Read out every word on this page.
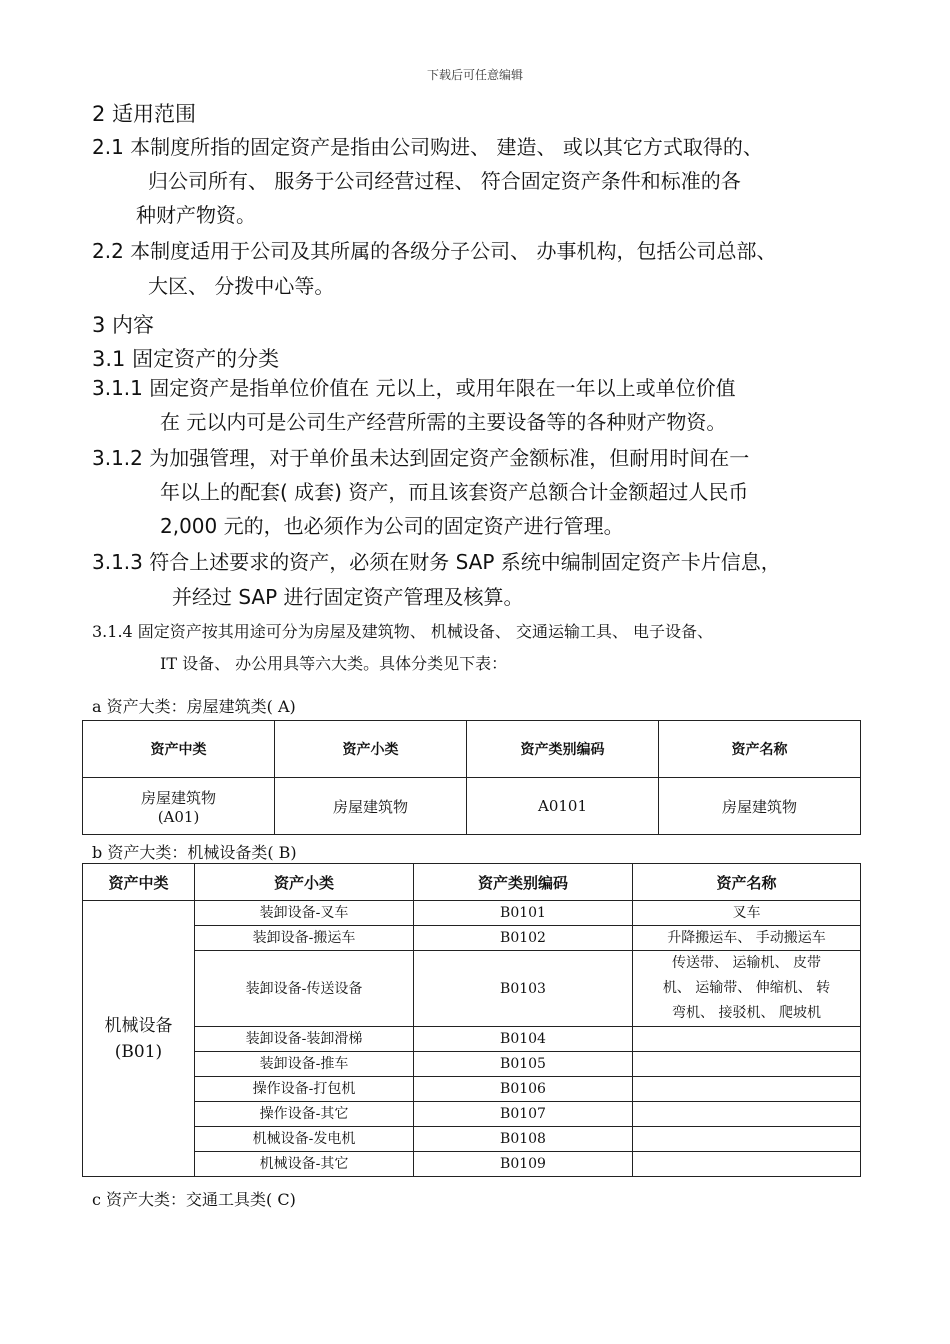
下载后可任意编辑
2 适用范围
2.1 本制度所指的固定资产是指由公司购进、 建造、 或以其它方式取得的、
归公司所有、 服务于公司经营过程、 符合固定资产条件和标准的各
种财产物资。
2.2 本制度适用于公司及其所属的各级分子公司、 办事机构，包括公司总部、
大区、 分拨中心等。
3 内容
3.1 固定资产的分类
3.1.1 固定资产是指单位价值在 元以上，或用年限在一年以上或单位价值
在 元以内可是公司生产经营所需的主要设备等的各种财产物资。
3.1.2 为加强管理，对于单价虽未达到固定资产金额标准，但耐用时间在一
年以上的配套( 成套) 资产，而且该套资产总额合计金额超过人民币
2,000 元的，也必须作为公司的固定资产进行管理。
3.1.3 符合上述要求的资产，必须在财务 SAP 系统中编制固定资产卡片信息，
并经过 SAP 进行固定资产管理及核算。
3.1.4 固定资产按其用途可分为房屋及建筑物、 机械设备、 交通运输工具、 电子设备、
IT 设备、 办公用具等六大类。具体分类见下表：
a 资产大类：房屋建筑类( A)
资产中类	资产小类	资产类别编码	资产名称

房屋建筑物
(A01)	房屋建筑物	A0101	房屋建筑物
b 资产大类：机械设备类( B)
资产中类	资产小类	资产类别编码	资产名称

机械设备
(B01)	装卸设备-叉车	B0101	叉车
	装卸设备-搬运车	B0102	升降搬运车、 手动搬运车
	装卸设备-传送设备	B0103	传送带、 运输机、 皮带
机、 运输带、 伸缩机、 转
弯机、 接驳机、 爬坡机

	装卸设备-装卸滑梯	B0104	
	装卸设备-推车	B0105	
	操作设备-打包机	B0106	
	操作设备-其它	B0107	
	机械设备-发电机	B0108	
	机械设备-其它	B0109	
c 资产大类：交通工具类( C)
